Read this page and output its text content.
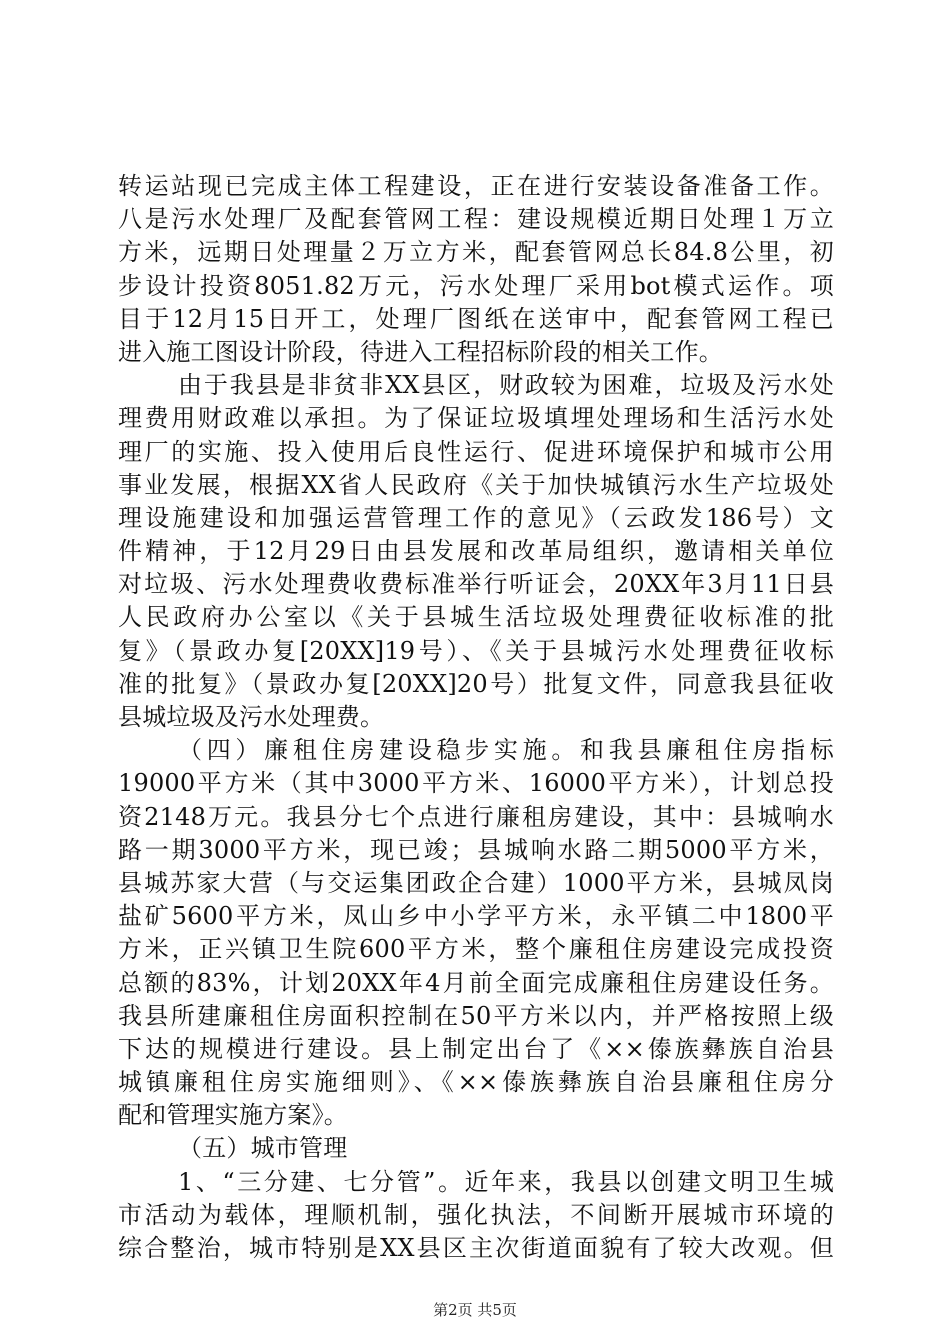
转运站现已完成主体工程建设，正在进行安装设备准备工作。
八是污水处理厂及配套管网工程：建设规模近期日处理１万立
方米，远期日处理量２万立方米，配套管网总长84.8公里，初
步设计投资8051.82万元，污水处理厂采用bot模式运作。项
目于12月15日开工，处理厂图纸在送审中，配套管网工程已
进入施工图设计阶段，待进入工程招标阶段的相关工作。
由于我县是非贫非XX县区，财政较为困难，垃圾及污水处
理费用财政难以承担。为了保证垃圾填埋处理场和生活污水处
理厂的实施、投入使用后良性运行、促进环境保护和城市公用
事业发展，根据XX省人民政府《关于加快城镇污水生产垃圾处
理设施建设和加强运营管理工作的意见》（云政发186号）文
件精神，于12月29日由县发展和改革局组织，邀请相关单位
对垃圾、污水处理费收费标准举行听证会，20XX年3月11日县
人民政府办公室以《关于县城生活垃圾处理费征收标准的批
复》（景政办复[20XX]19号）、《关于县城污水处理费征收标
准的批复》（景政办复[20XX]20号）批复文件，同意我县征收
县城垃圾及污水处理费。
（四）廉租住房建设稳步实施。和我县廉租住房指标
19000平方米（其中3000平方米、16000平方米），计划总投
资2148万元。我县分七个点进行廉租房建设，其中：县城响水
路一期3000平方米，现已竣；县城响水路二期5000平方米，
县城苏家大营（与交运集团政企合建）1000平方米，县城凤岗
盐矿5600平方米，凤山乡中小学平方米，永平镇二中1800平
方米，正兴镇卫生院600平方米，整个廉租住房建设完成投资
总额的83%，计划20XX年4月前全面完成廉租住房建设任务。
我县所建廉租住房面积控制在50平方米以内，并严格按照上级
下达的规模进行建设。县上制定出台了《××傣族彝族自治县
城镇廉租住房实施细则》、《××傣族彝族自治县廉租住房分
配和管理实施方案》。
（五）城市管理
1、“三分建、七分管”。近年来，我县以创建文明卫生城
市活动为载体，理顺机制，强化执法，不间断开展城市环境的
综合整治，城市特别是XX县区主次街道面貌有了较大改观。但
第2页 共5页
